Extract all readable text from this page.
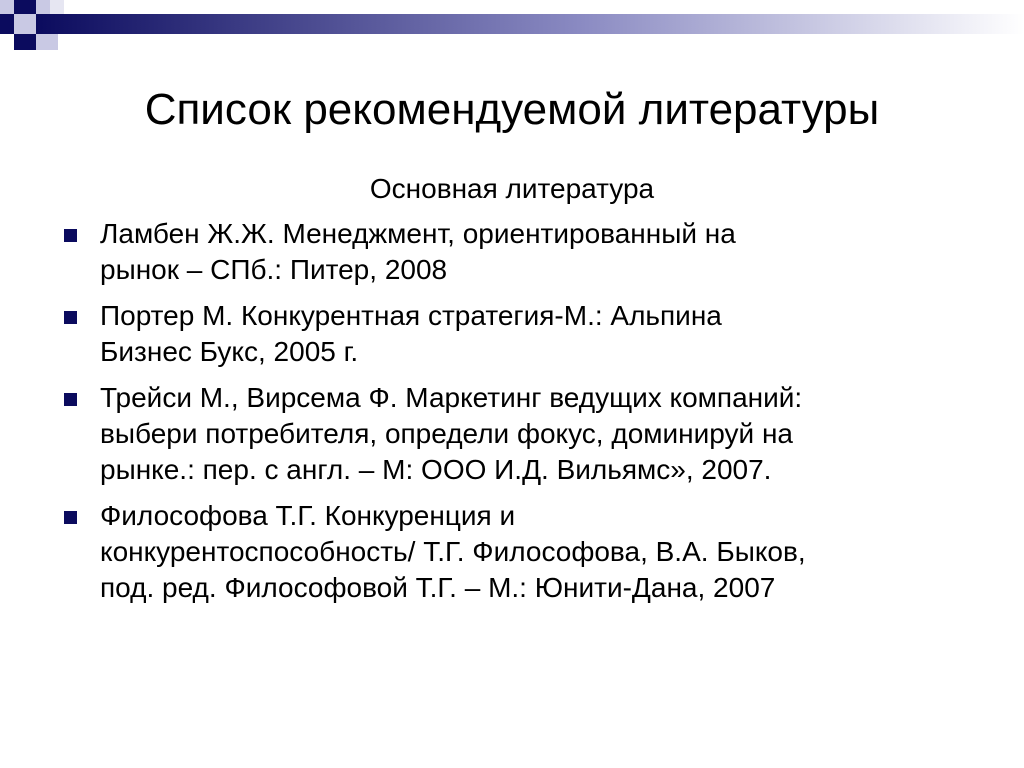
Список рекомендуемой литературы
Основная литература
Ламбен Ж.Ж. Менеджмент, ориентированный на
рынок – СПб.: Питер, 2008
Портер М. Конкурентная стратегия-М.: Альпина
Бизнес Букс, 2005 г.
Трейси М., Вирсема Ф. Маркетинг ведущих компаний:
выбери потребителя, определи фокус, доминируй на
рынке.: пер. с англ. – М: ООО И.Д. Вильямс», 2007.
Философова Т.Г. Конкуренция и
конкурентоспособность/ Т.Г. Философова, В.А. Быков,
под. ред. Философовой Т.Г. – М.: Юнити-Дана, 2007
